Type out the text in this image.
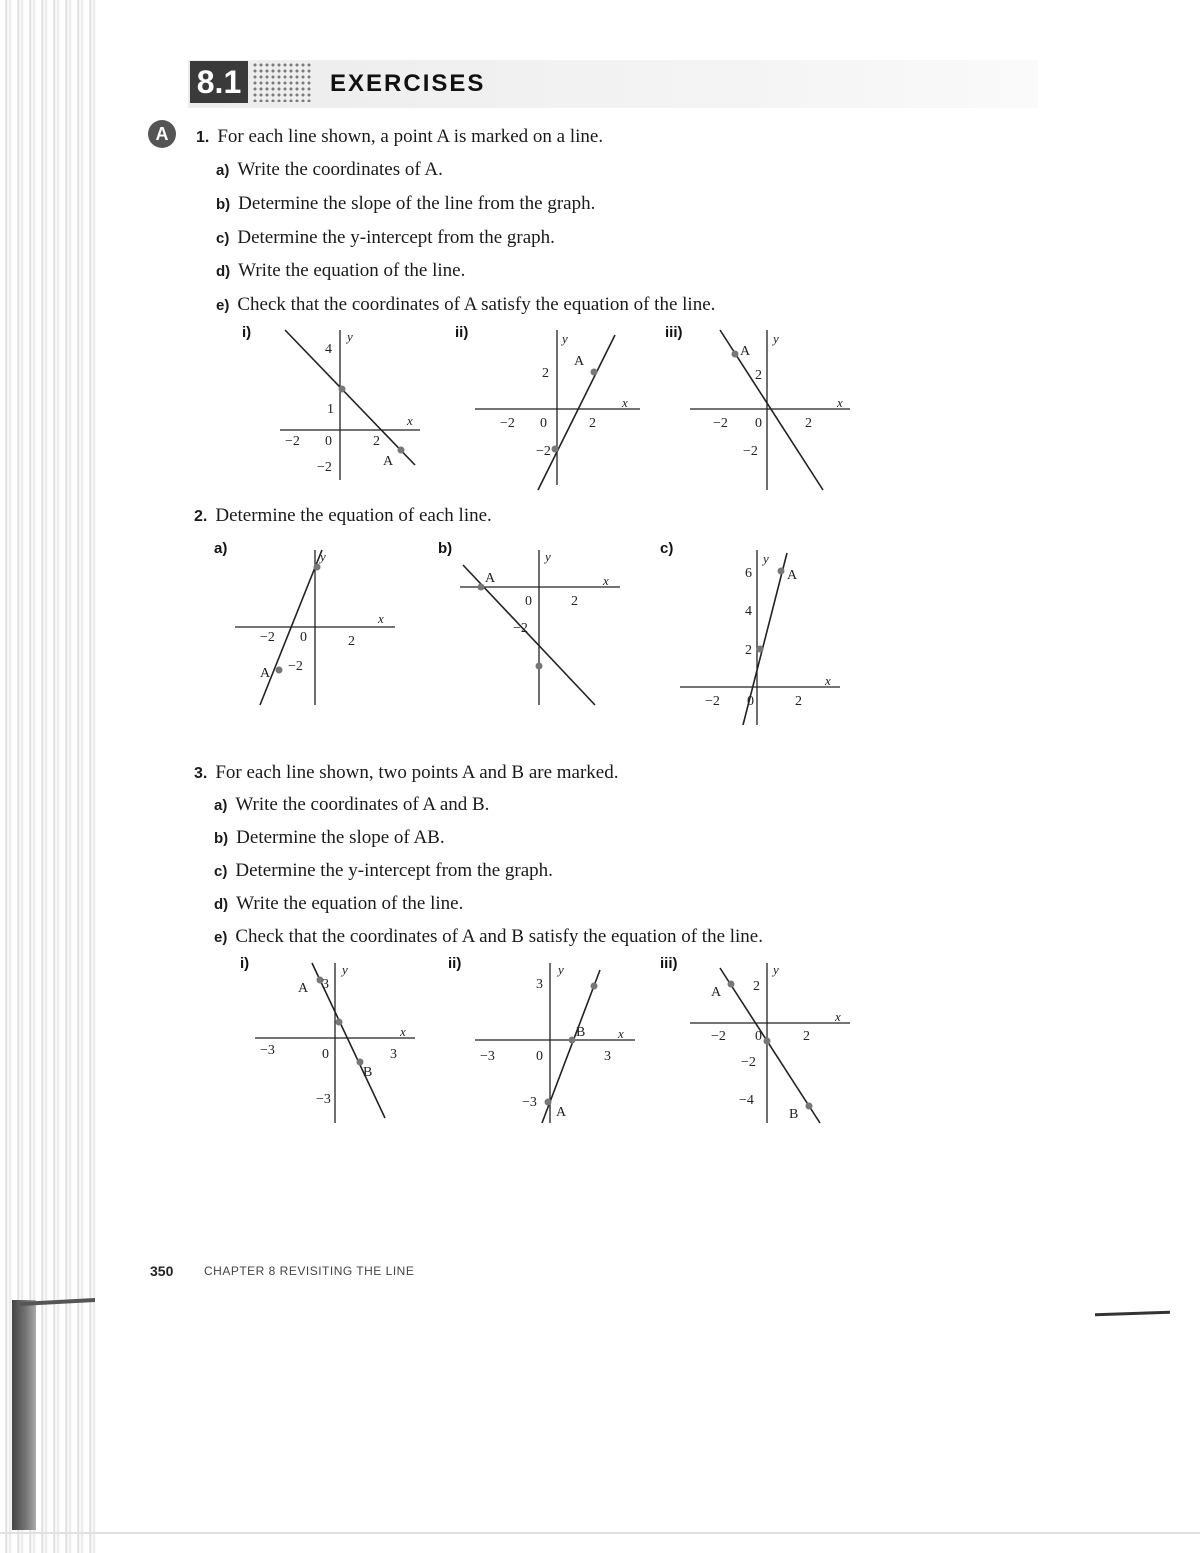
8.1	EXERCISES
A	1. For each line shown, a point A is marked on a line.
a) Write the coordinates of A.
b) Determine the slope of the line from the graph.
c) Determine the y-intercept from the graph.
d) Write the equation of the line.
e) Check that the coordinates of A satisfy the equation of the line.
i)	ii)	iii)
y
4
1
−2 0	2
−2
x
A
y
2
−2 0	2
−2
x
A
y
2
−2 0	2
−2
x
A
2. Determine the equation of each line.
a)	b)	c)
y
−2 0	2
−2
x
A
y
0	2
−2
x
A
y
6
4
2
−2 0	2
x
A
3. For each line shown, two points A and B are marked.
a) Write the coordinates of A and B.
b) Determine the slope of AB.
c) Determine the y-intercept from the graph.
d) Write the equation of the line.
e) Check that the coordinates of A and B satisfy the equation of the line.
i)	ii)	iii)
y
3
−3	0	3
−3
x
A
B
y
3
−3	0	3
−3
x
B
A
y
2
−2 0	2
−2
−4
x
A
B
350	CHAPTER 8 REVISITING THE LINE
